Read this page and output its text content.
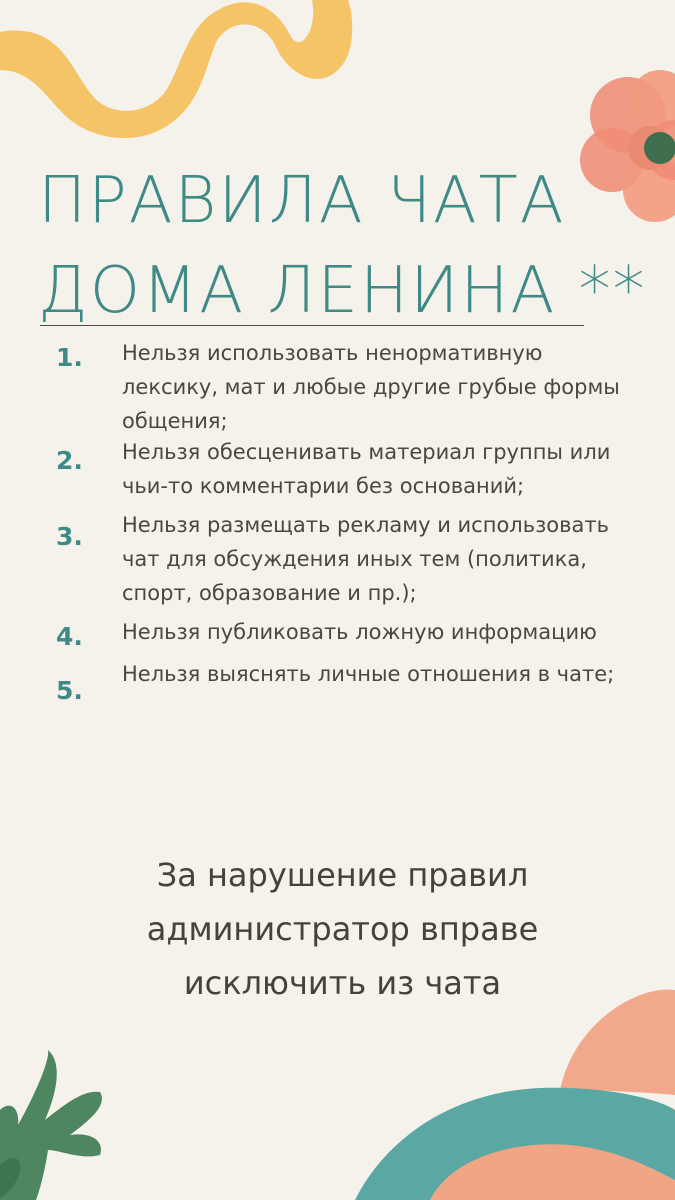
ПРАВИЛА ЧАТА
ДОМА ЛЕНИНА **
1. Нельзя использовать ненормативную лексику, мат и любые другие грубые формы общения;
2. Нельзя обесценивать материал группы или чьи-то комментарии без оснований;
3. Нельзя размещать рекламу и использовать чат для обсуждения иных тем (политика, спорт, образование и пр.);
4. Нельзя публиковать ложную информацию
5.
Нельзя выяснять личные отношения в чате;
За нарушение правил администратор вправе исключить из чата
